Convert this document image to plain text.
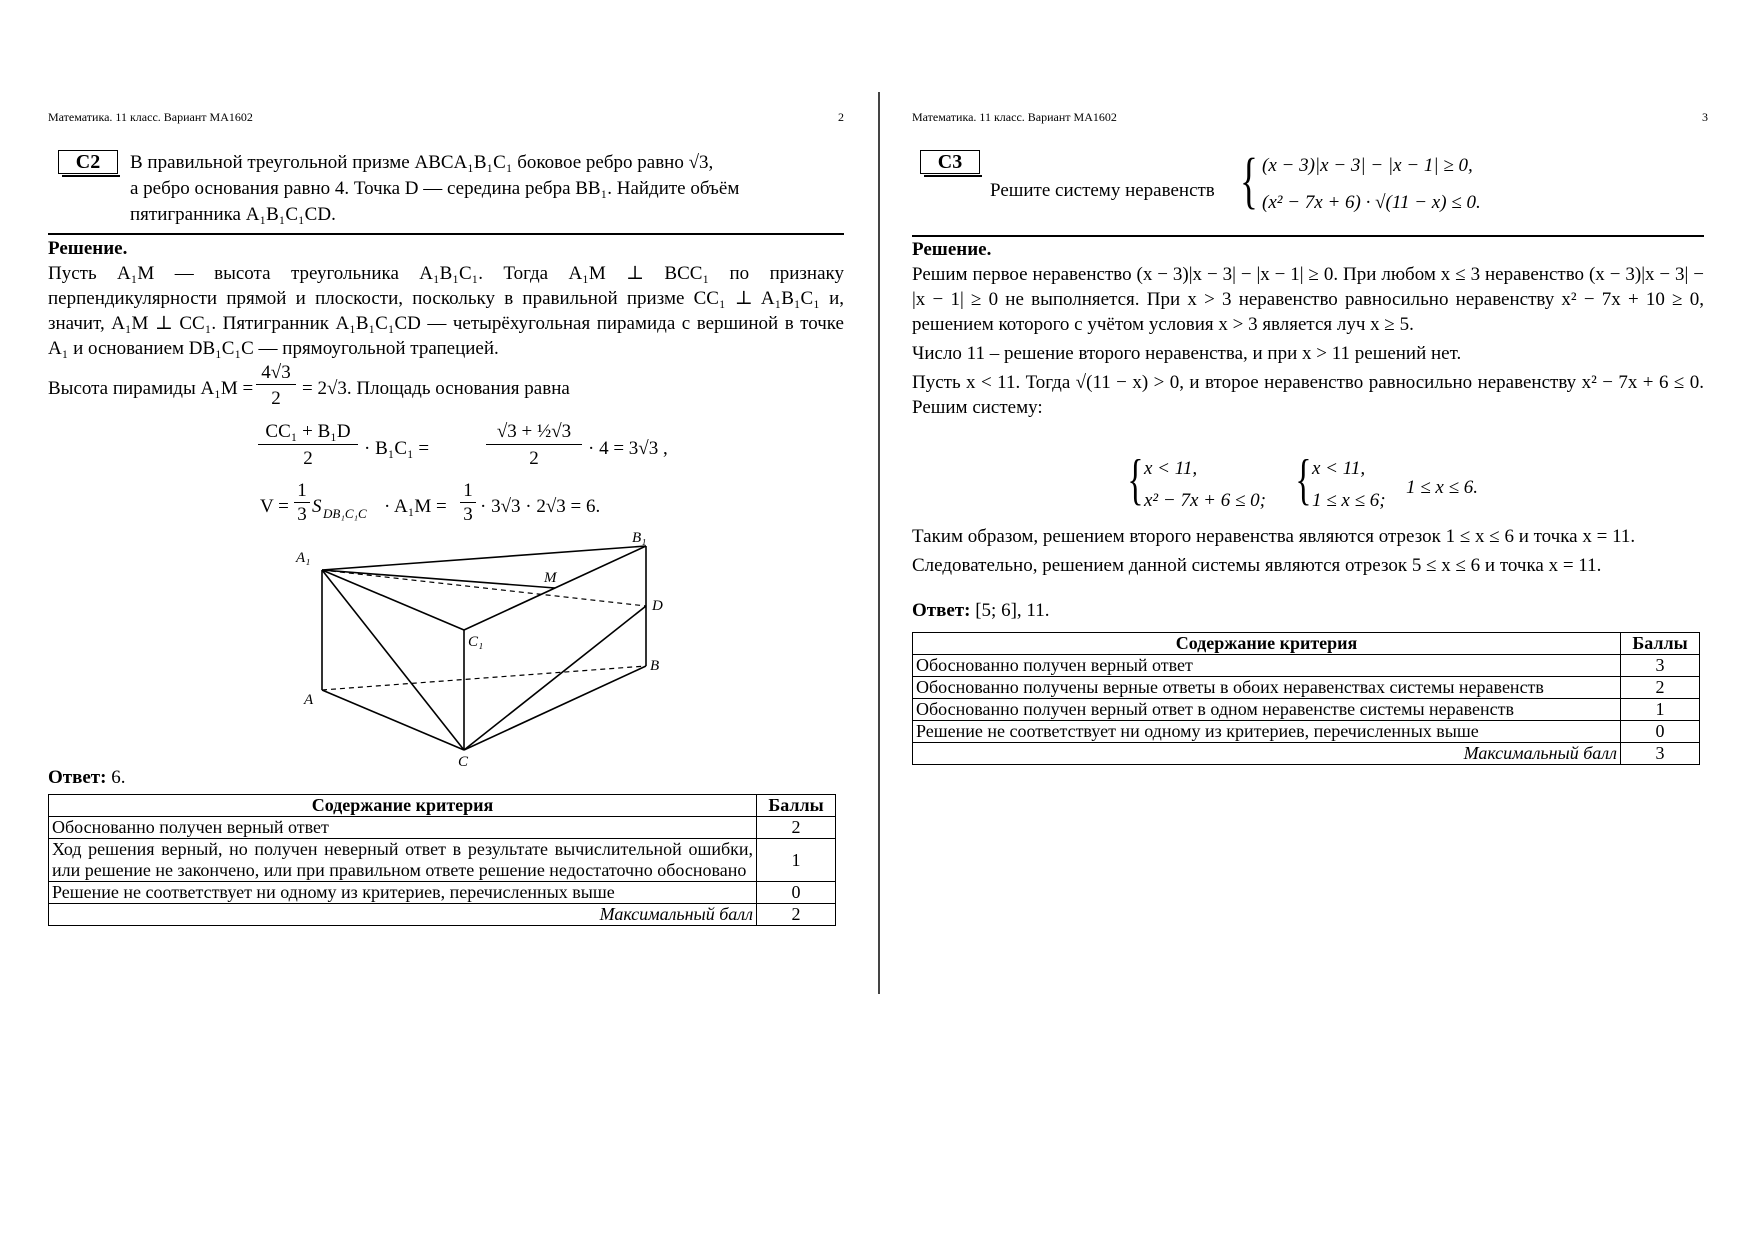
Математика. 11 класс. Вариант МА1602	2
C2	В правильной треугольной призме ABCA₁B₁C₁ боковое ребро равно √3,
а ребро основания равно 4. Точка D — середина ребра BB₁. Найдите объём
пятигранника A₁B₁C₁CD.
Решение.

Пусть A₁M — высота треугольника A₁B₁C₁. Тогда A₁M ⊥ BCC₁ по признаку перпендикулярности прямой и плоскости, поскольку в правильной призме CC₁ ⊥ A₁B₁C₁ и, значит, A₁M ⊥ CC₁. Пятигранник A₁B₁C₁CD — четырёхугольная пирамида с вершиной в точке A₁ и основанием DB₁C₁C — прямоугольной трапецией.

Высота пирамиды A₁M =
4√3
2	= 2√3. Площадь основания равна
CC₁ + B₁D
2	· B₁C₁ =
√3 + ½√3
2	· 4 = 3√3 ,
V =
1
3 S DB₁C₁C · A₁M =
1
3 · 3√3 · 2√3 = 6.
A₁
B₁
M
D
C₁
B
A
C
Ответ: 6.
Содержание критерия	Баллы
Обоснованно получен верный ответ	2
Ход решения верный, но получен неверный ответ в результате вычислительной ошибки, или решение не закончено, или при правильном ответе решение недостаточно обосновано	1
Решение не соответствует ни одному из критериев, перечисленных выше	0
Максимальный балл	2
Математика. 11 класс. Вариант МА1602	3
C3
Решите систему неравенств { (x − 3)|x − 3| − |x − 1| ≥ 0,
(x² − 7x + 6) · √(11 − x) ≤ 0.
Решение.

Решим первое неравенство (x − 3)|x − 3| − |x − 1| ≥ 0. При любом x ≤ 3 неравенство (x − 3)|x − 3| − |x − 1| ≥ 0 не выполняется. При x > 3 неравенство равносильно неравенству x² − 7x + 10 ≥ 0, решением которого с учётом условия x > 3 является луч x ≥ 5.

Число 11 – решение второго неравенства, и при x > 11 решений нет.

Пусть x < 11. Тогда √(11 − x) > 0, и второе неравенство равносильно неравенству x² − 7x + 6 ≤ 0. Решим систему:

{ x < 11,
x² − 7x + 6 ≤ 0; { x < 11,
1 ≤ x ≤ 6;
1 ≤ x ≤ 6.

Таким образом, решением второго неравенства являются отрезок 1 ≤ x ≤ 6 и точка x = 11.

Следовательно, решением данной системы являются отрезок 5 ≤ x ≤ 6 и точка x = 11.

Ответ: [5; 6], 11.
Содержание критерия	Баллы
Обоснованно получен верный ответ	3
Обоснованно получены верные ответы в обоих неравенствах системы неравенств	2
Обоснованно получен верный ответ в одном неравенстве системы неравенств	1
Решение не соответствует ни одному из критериев, перечисленных выше	0
Максимальный балл	3
